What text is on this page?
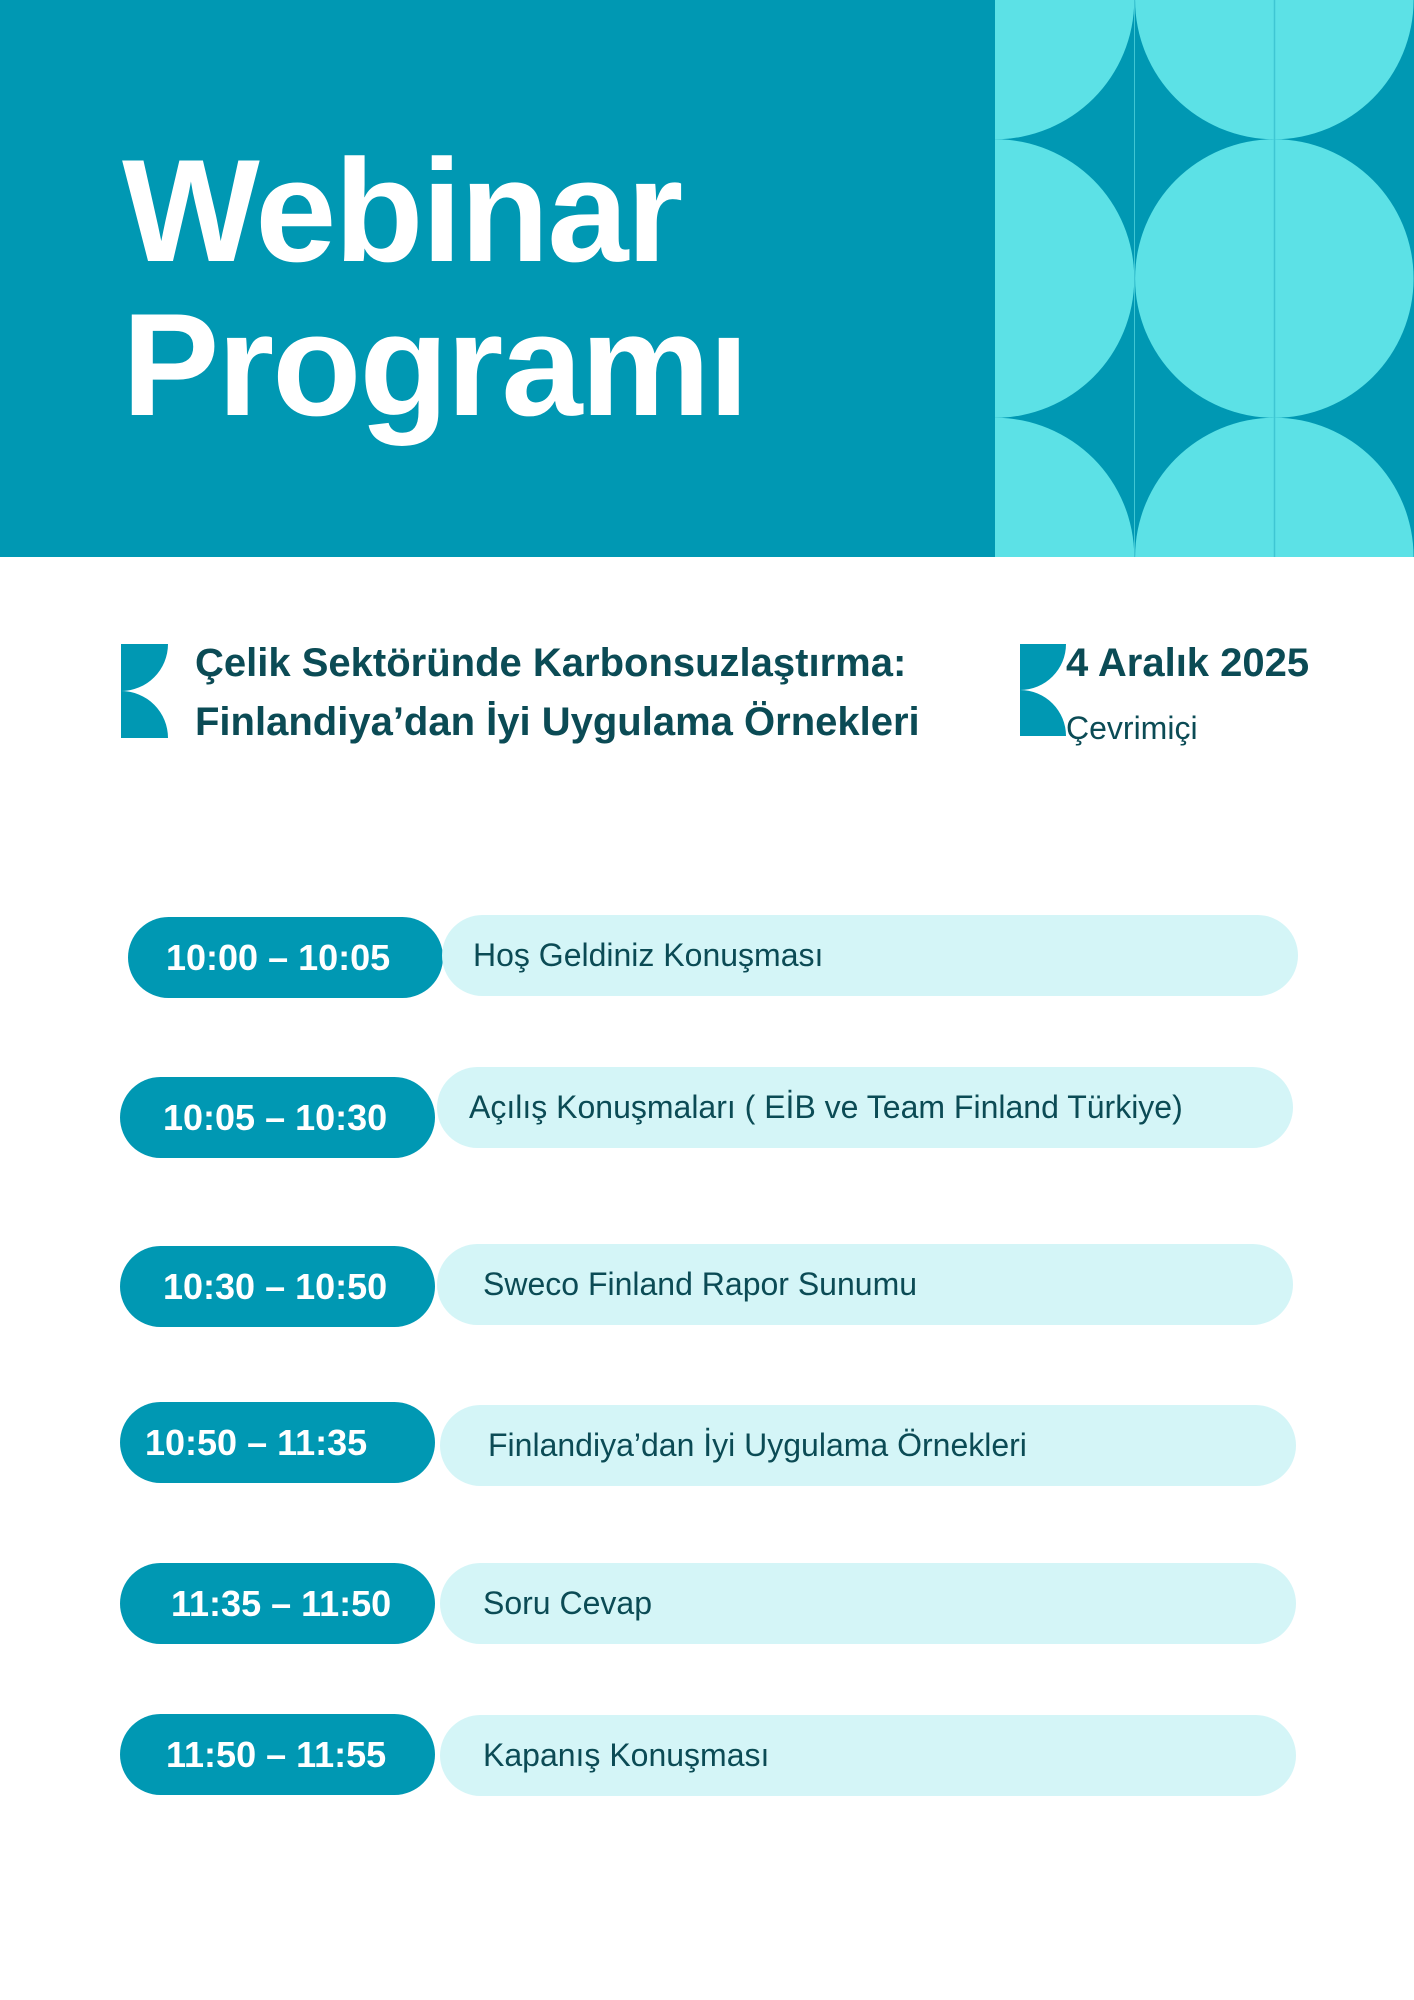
Webinar
Programı
Çelik Sektöründe Karbonsuzlaştırma:
Finlandiya’dan İyi Uygulama Örnekleri
4 Aralık 2025
Çevrimiçi
10:00 – 10:05	Hoş Geldiniz Konuşması
10:05 – 10:30	Açılış Konuşmaları ( EİB ve Team Finland Türkiye)
10:30 – 10:50	Sweco Finland Rapor Sunumu
10:50 – 11:35	Finlandiya’dan İyi Uygulama Örnekleri
11:35 – 11:50	Soru Cevap
11:50 – 11:55	Kapanış Konuşması
